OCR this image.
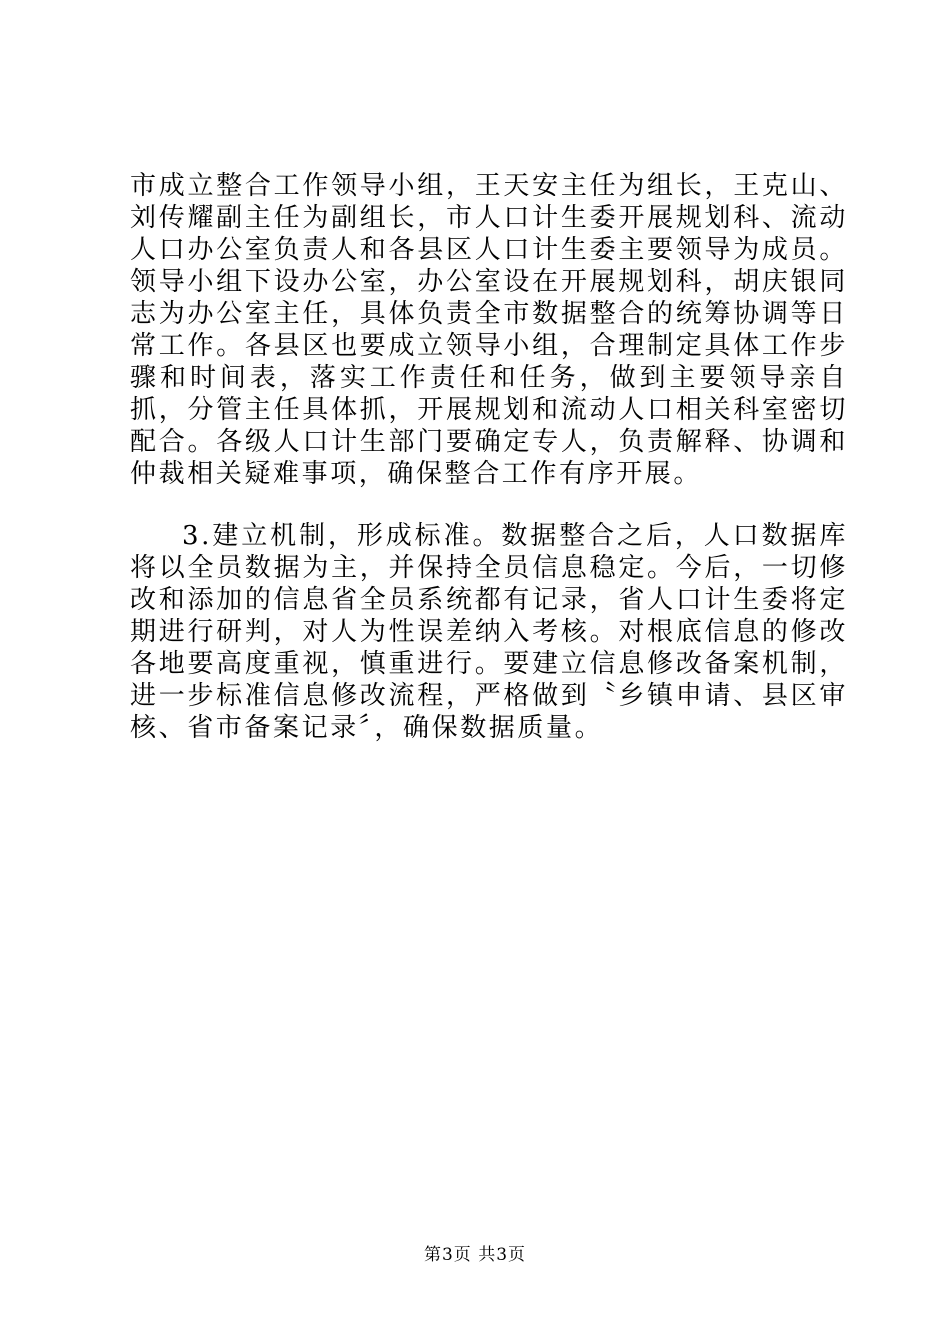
市成立整合工作领导小组，王天安主任为组长，王克山、刘传耀副主任为副组长，市人口计生委开展规划科、流动人口办公室负责人和各县区人口计生委主要领导为成员。领导小组下设办公室，办公室设在开展规划科，胡庆银同志为办公室主任，具体负责全市数据整合的统筹协调等日常工作。各县区也要成立领导小组，合理制定具体工作步骤和时间表，落实工作责任和任务，做到主要领导亲自抓，分管主任具体抓，开展规划和流动人口相关科室密切配合。各级人口计生部门要确定专人，负责解释、协调和仲裁相关疑难事项，确保整合工作有序开展。

3.建立机制，形成标准。数据整合之后，人口数据库将以全员数据为主，并保持全员信息稳定。今后，一切修改和添加的信息省全员系统都有记录，省人口计生委将定期进行研判，对人为性误差纳入考核。对根底信息的修改各地要高度重视，慎重进行。要建立信息修改备案机制，进一步标准信息修改流程，严格做到〝乡镇申请、县区审核、省市备案记录〞，确保数据质量。

第3页 共3页
